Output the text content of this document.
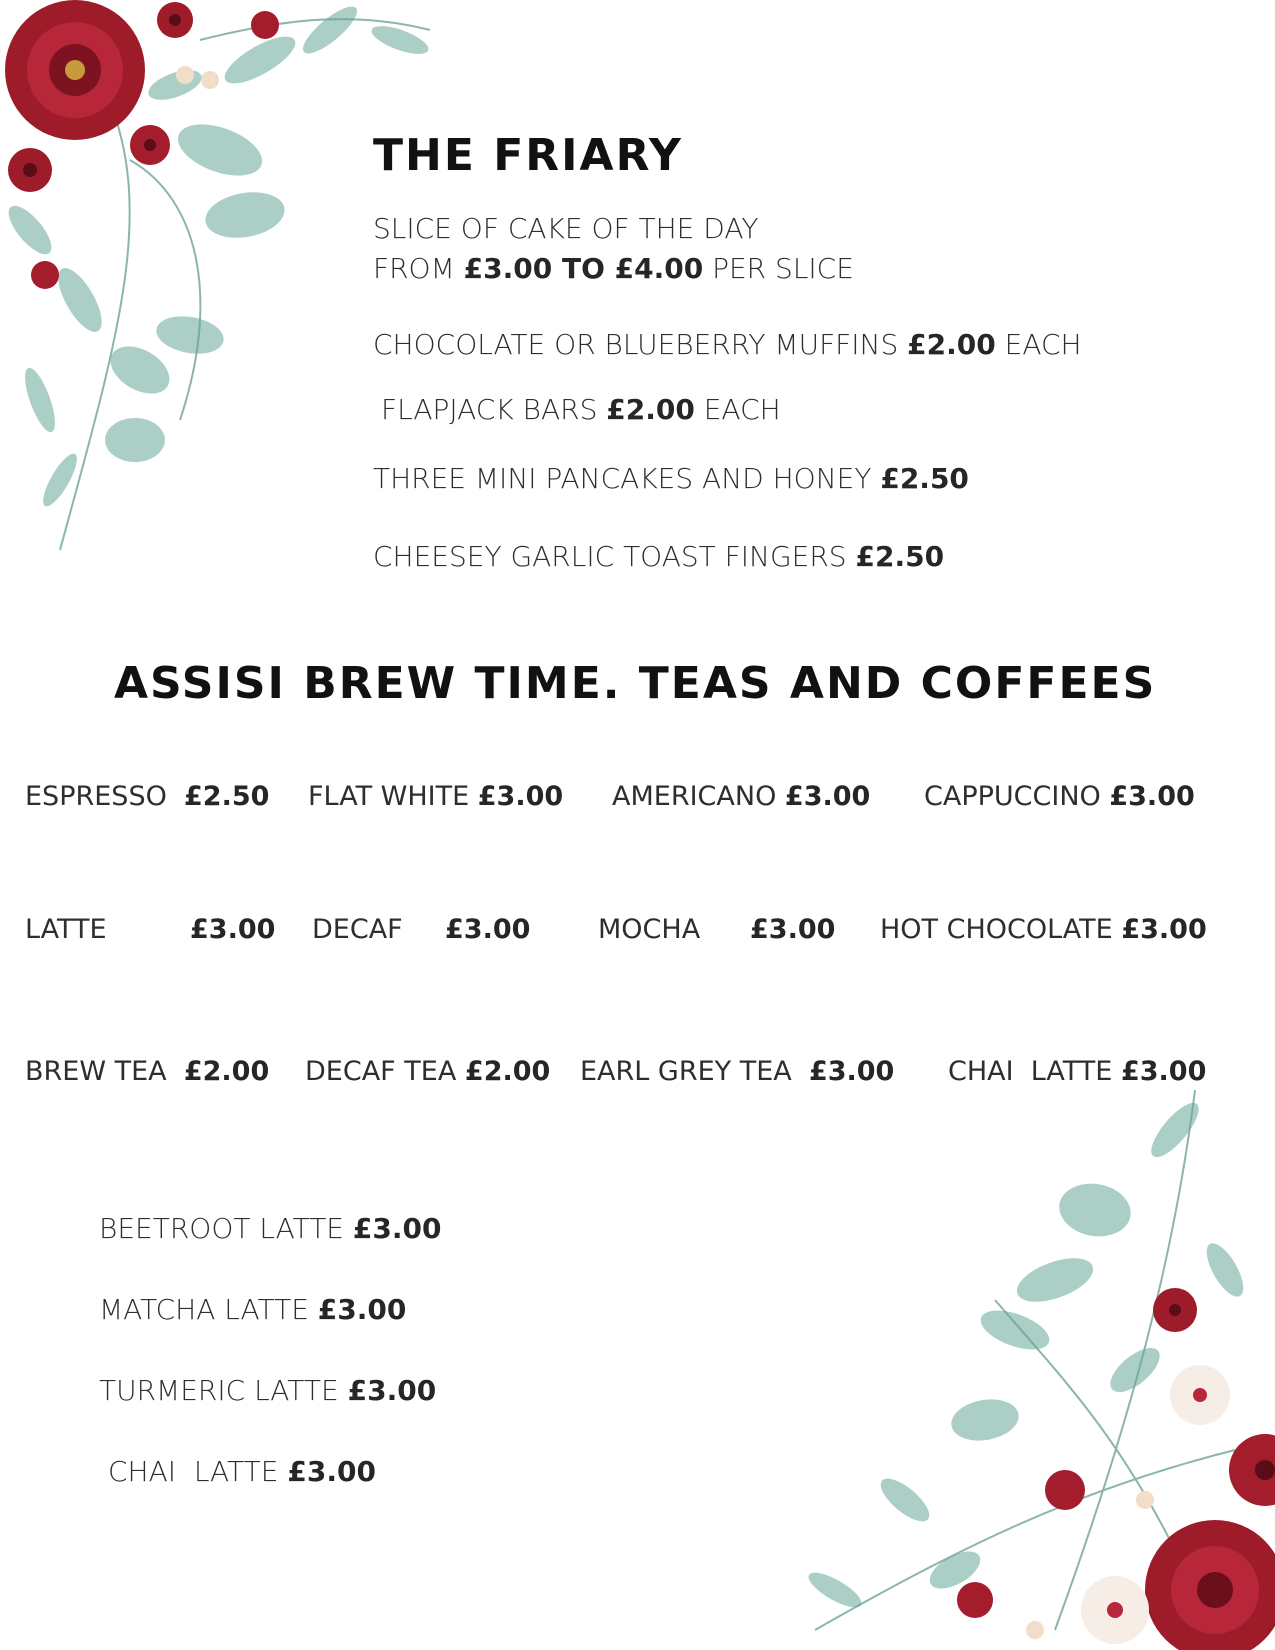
THE FRIARY
SLICE OF CAKE OF THE DAY
FROM £3.00 TO £4.00 PER SLICE
CHOCOLATE OR BLUEBERRY MUFFINS £2.00 EACH
FLAPJACK BARS £2.00 EACH
THREE MINI PANCAKES AND HONEY £2.50
CHEESEY GARLIC TOAST FINGERS £2.50
ASSISI BREW TIME. TEAS AND COFFEES
ESPRESSO £2.50 FLAT WHITE £3.00 AMERICANO £3.00 CAPPUCCINO £3.00
LATTE	£3.00 DECAF £3.00	MOCHA £3.00 HOT CHOCOLATE £3.00
BREW TEA £2.00 DECAF TEA £2.00 EARL GREY TEA £3.00 CHAI  LATTE £3.00
BEETROOT LATTE £3.00
MATCHA LATTE £3.00
TURMERIC LATTE £3.00
CHAI  LATTE £3.00
